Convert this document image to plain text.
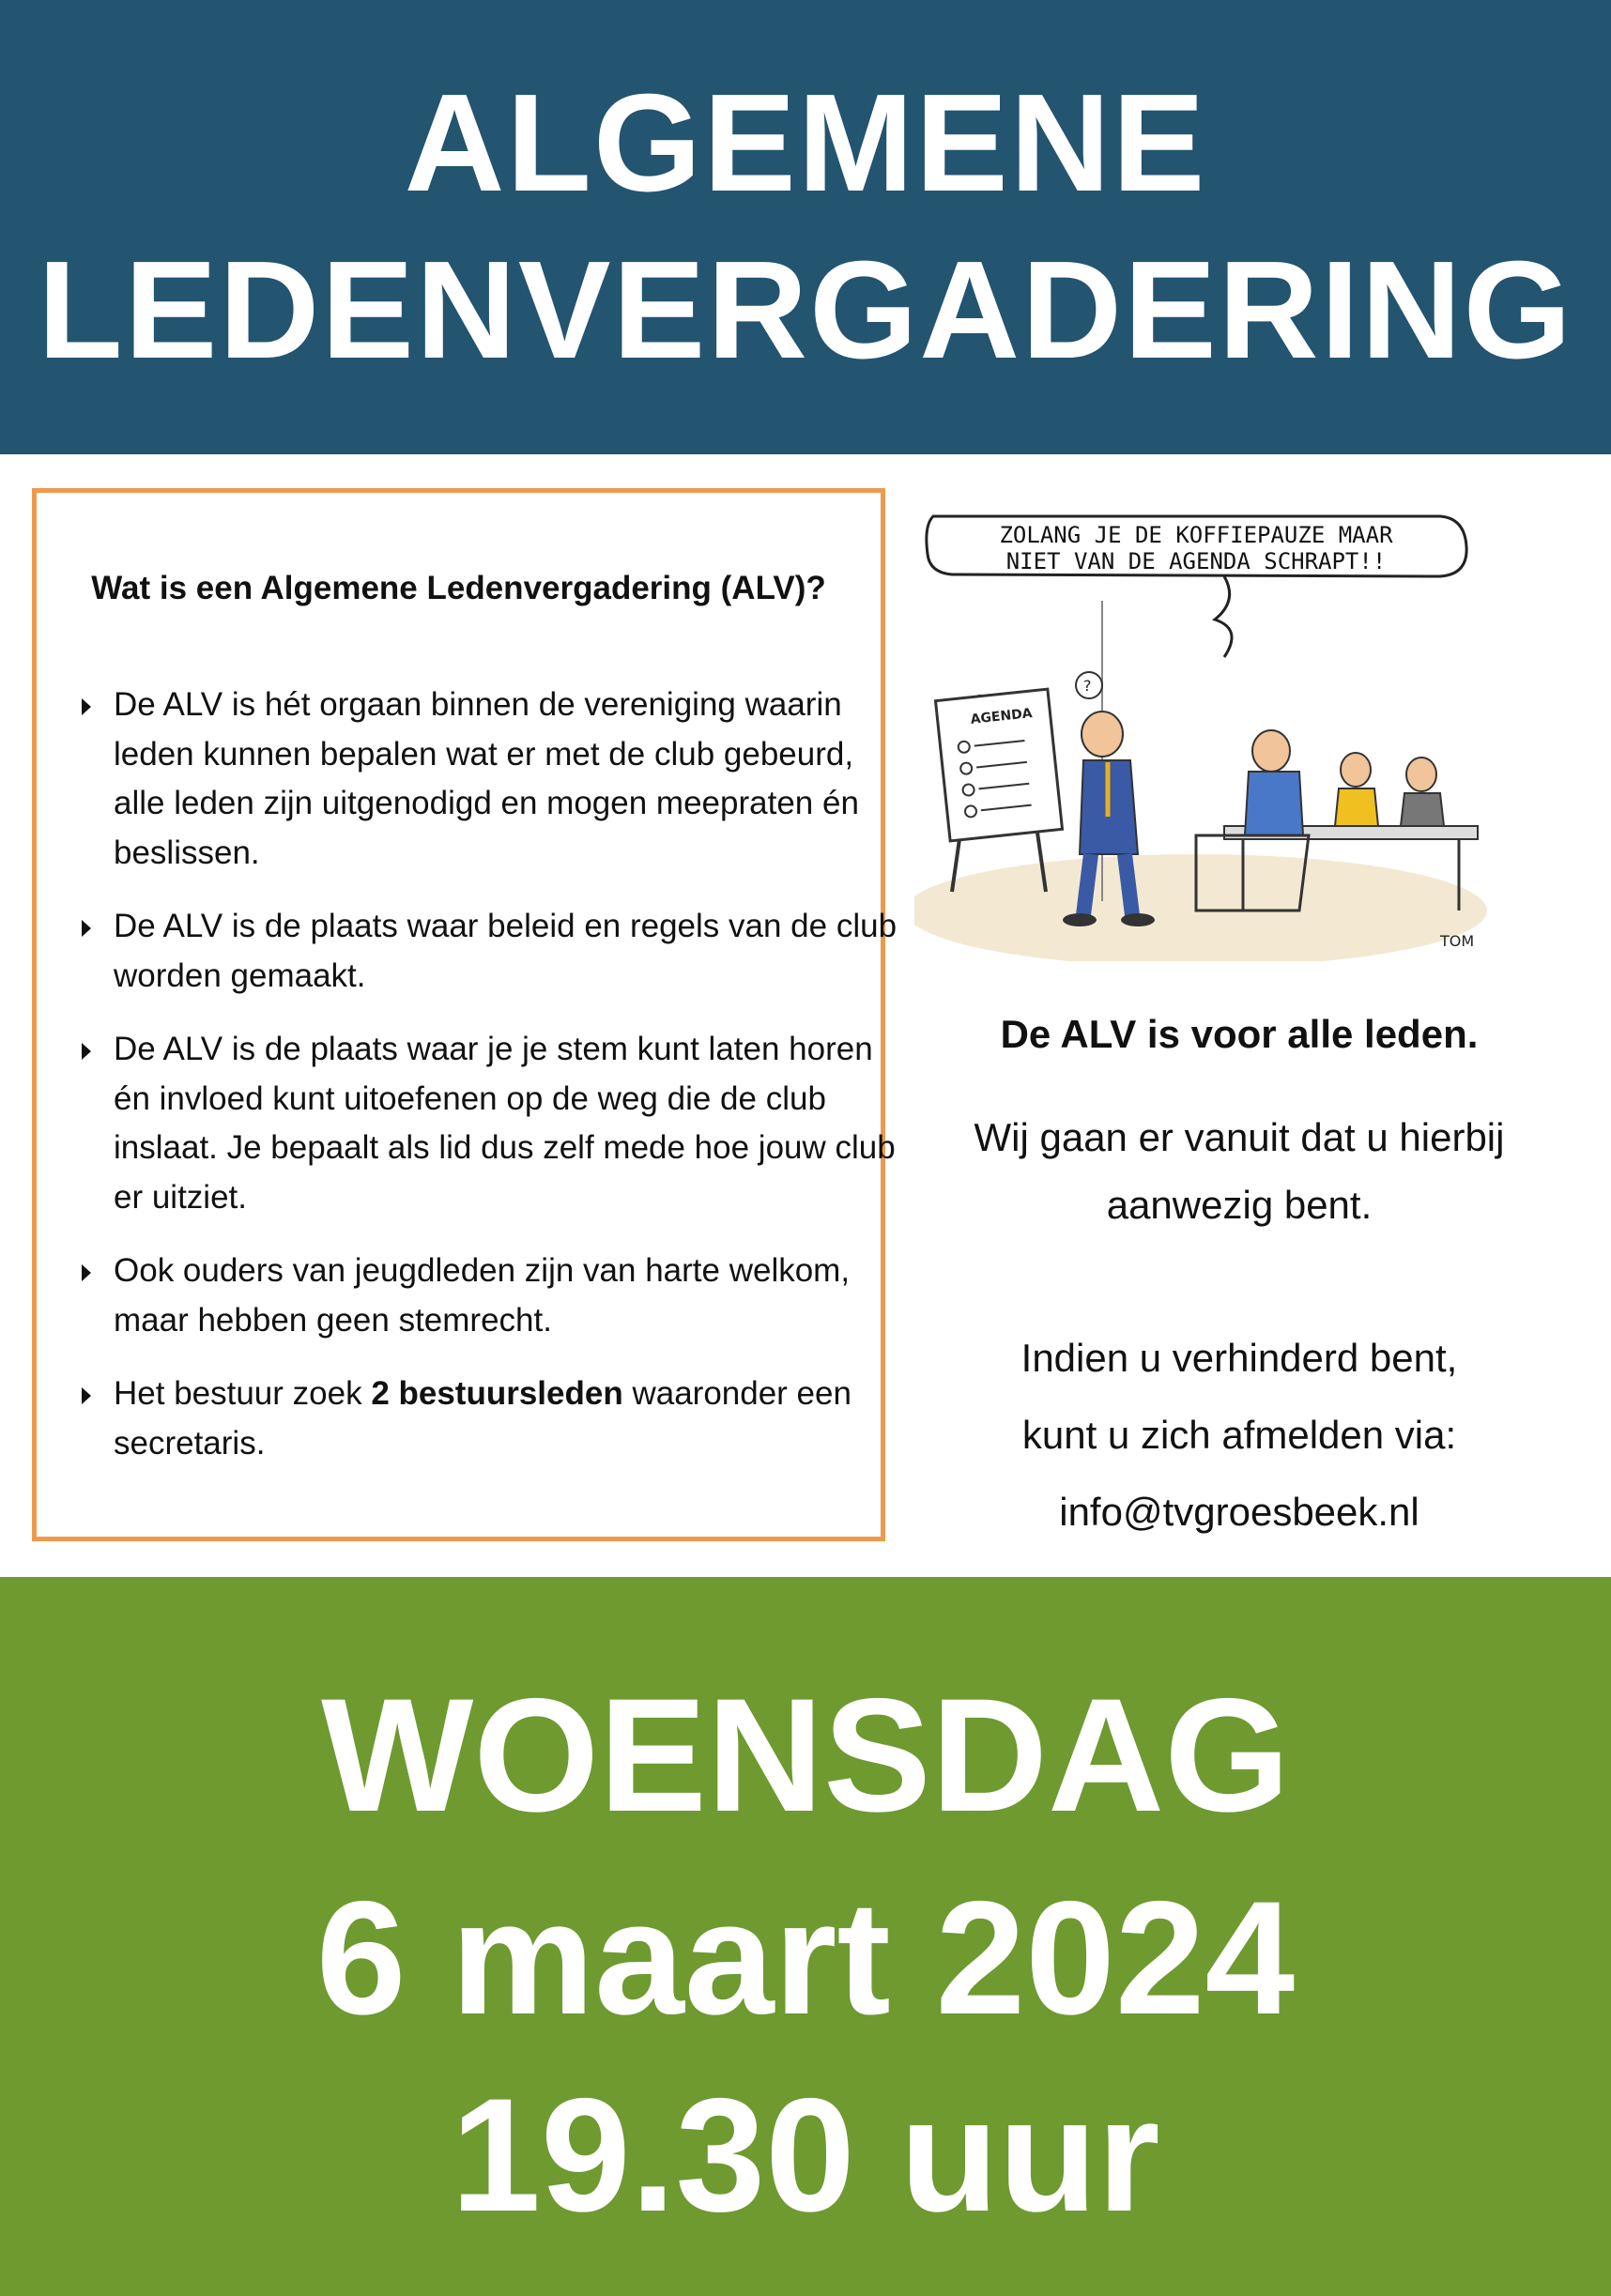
ALGEMENE
LEDENVERGADERING
Wat is een Algemene Ledenvergadering (ALV)?
De ALV is hét orgaan binnen de vereniging waarin leden kunnen bepalen wat er met de club gebeurd, alle leden zijn uitgenodigd en mogen meepraten én beslissen.
De ALV is de plaats waar beleid en regels van de club worden gemaakt.
De ALV is de plaats waar je je stem kunt laten horen én invloed kunt uitoefenen op de weg die de club inslaat. Je bepaalt als lid dus zelf mede hoe jouw club er uitziet.
Ook ouders van jeugdleden zijn van harte welkom, maar hebben geen stemrecht.
Het bestuur zoek 2 bestuursleden waaronder een secretaris.
ZOLANG JE DE KOFFIEPAUZE MAAR
NIET VAN DE AGENDA SCHRAPT!!
AGENDA
?
TOM
De ALV is voor alle leden.
Wij gaan er vanuit dat u hierbij
aanwezig bent.
Indien u verhinderd bent,
kunt u zich afmelden via:
info@tvgroesbeek.nl
WOENSDAG
6 maart 2024
19.30 uur
